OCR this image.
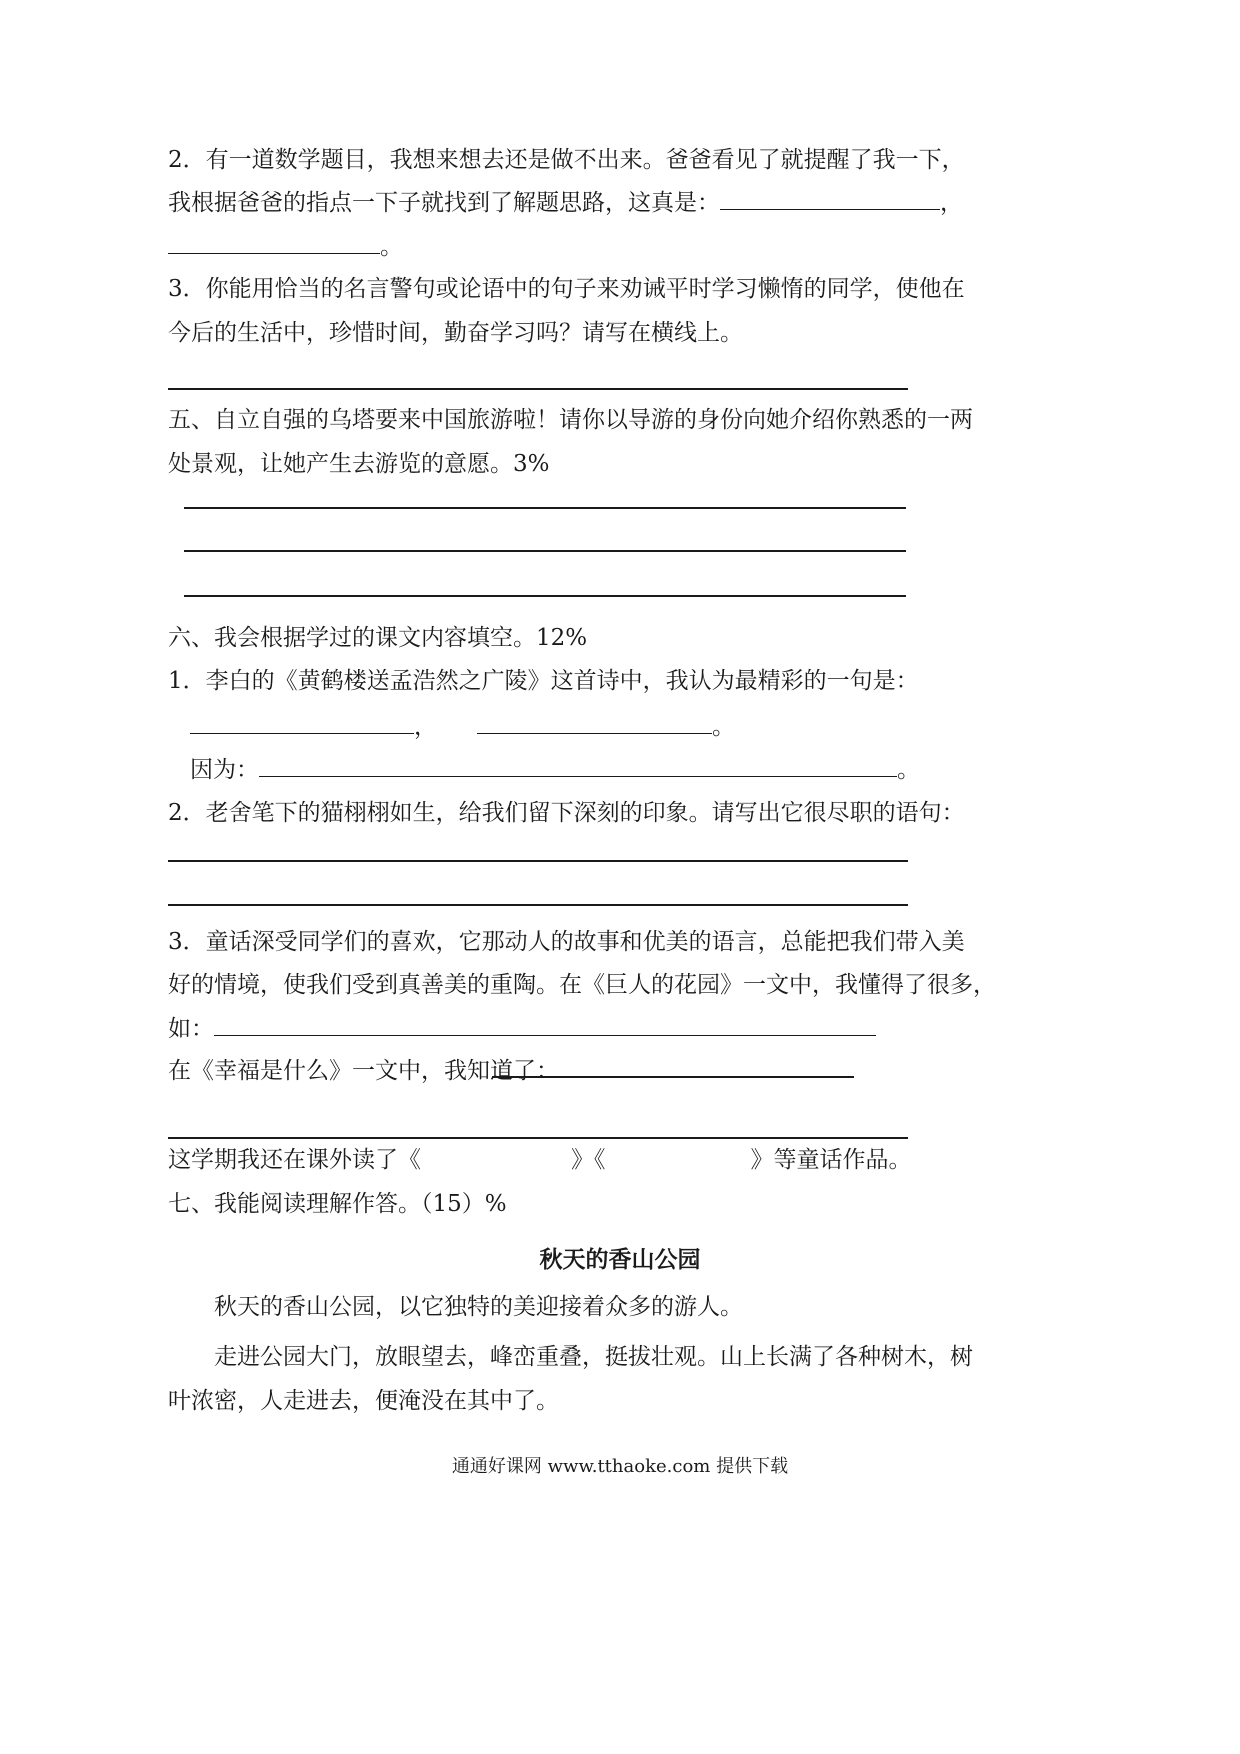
2．有一道数学题目，我想来想去还是做不出来。爸爸看见了就提醒了我一下，
我根据爸爸的指点一下子就找到了解题思路，这真是：	，
。
3．你能用恰当的名言警句或论语中的句子来劝诫平时学习懒惰的同学，使他在
今后的生活中，珍惜时间，勤奋学习吗？请写在横线上。
五、自立自强的乌塔要来中国旅游啦！请你以导游的身份向她介绍你熟悉的一两
处景观，让她产生去游览的意愿。3%
六、我会根据学过的课文内容填空。12%
1．李白的《黄鹤楼送孟浩然之广陵》这首诗中，我认为最精彩的一句是：
，	。
因为：	。
2．老舍笔下的猫栩栩如生，给我们留下深刻的印象。请写出它很尽职的语句：
3．童话深受同学们的喜欢，它那动人的故事和优美的语言，总能把我们带入美
好的情境，使我们受到真善美的重陶。在《巨人的花园》一文中，我懂得了很多，
如：
在《幸福是什么》一文中，我知道了：
这学期我还在课外读了《	》《	》等童话作品。
七、我能阅读理解作答。（15）%
秋天的香山公园
秋天的香山公园，以它独特的美迎接着众多的游人。
走进公园大门，放眼望去，峰峦重叠，挺拔壮观。山上长满了各种树木，树
叶浓密，人走进去，便淹没在其中了。
通通好课网 www.tthaoke.com 提供下载
